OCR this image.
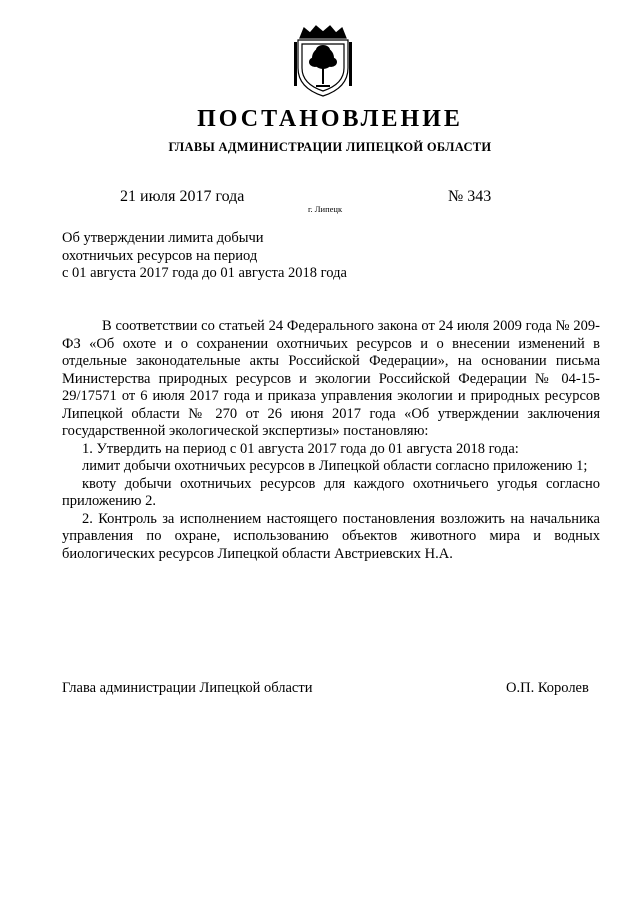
ПОСТАНОВЛЕНИЕ
ГЛАВЫ АДМИНИСТРАЦИИ ЛИПЕЦКОЙ ОБЛАСТИ
21 июля 2017 года
г. Липецк
№ 343
Об утверждении лимита добычи
охотничьих ресурсов на период
с 01 августа 2017 года до 01 августа 2018 года

В соответствии со статьей 24 Федерального закона от 24 июля 2009 года № 209-ФЗ «Об охоте и о сохранении охотничьих ресурсов и о внесении изменений в отдельные законодательные акты Российской Федерации», на основании письма Министерства природных ресурсов и экологии Российской Федерации № 04-15-29/17571 от 6 июля 2017 года и приказа управления экологии и природных ресурсов Липецкой области № 270 от 26 июня 2017 года «Об утверждении заключения государственной экологической экспертизы» постановляю:

1. Утвердить на период с 01 августа 2017 года до 01 августа 2018 года:

лимит добычи охотничьих ресурсов в Липецкой области согласно приложению 1;

квоту добычи охотничьих ресурсов для каждого охотничьего угодья согласно приложению 2.

2. Контроль за исполнением настоящего постановления возложить на начальника управления по охране, использованию объектов животного мира и водных биологических ресурсов Липецкой области Австриевских Н.А.

Глава администрации Липецкой области	О.П. Королев
